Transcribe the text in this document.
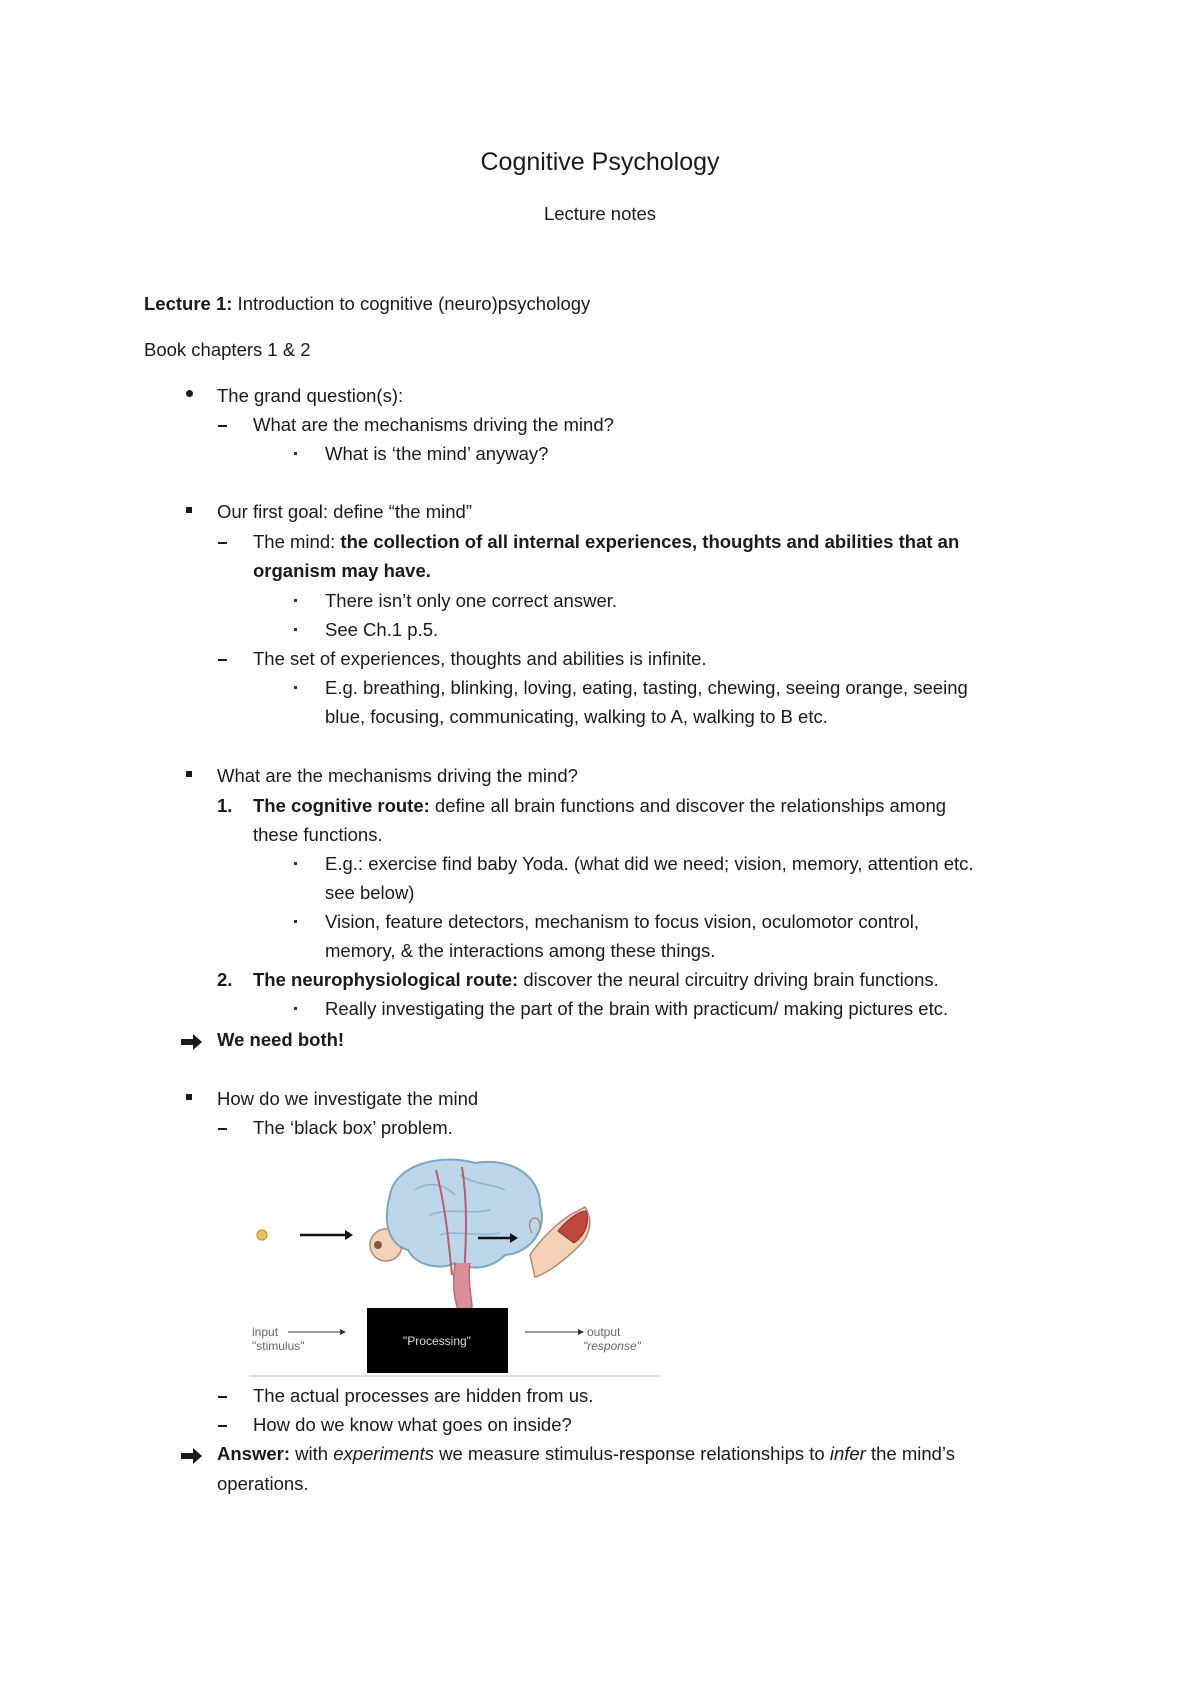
Cognitive Psychology
Lecture notes
Lecture 1: Introduction to cognitive (neuro)psychology
Book chapters 1 & 2
The grand question(s):
What are the mechanisms driving the mind?
What is ‘the mind’ anyway?
Our first goal: define “the mind”
The mind: the collection of all internal experiences, thoughts and abilities that an
organism may have.
There isn’t only one correct answer.
See Ch.1 p.5.
The set of experiences, thoughts and abilities is infinite.
E.g. breathing, blinking, loving, eating, tasting, chewing, seeing orange, seeing
blue, focusing, communicating, walking to A, walking to B etc.
What are the mechanisms driving the mind?
1. The cognitive route: define all brain functions and discover the relationships among
these functions.
E.g.: exercise find baby Yoda. (what did we need; vision, memory, attention etc.
see below)
Vision, feature detectors, mechanism to focus vision, oculomotor control,
memory, & the interactions among these things.
2. The neurophysiological route: discover the neural circuitry driving brain functions.
Really investigating the part of the brain with practicum/ making pictures etc.
We need both!
How do we investigate the mind
The ‘black box’ problem.
input
"stimulus"	"Processing"
output
"response"
The actual processes are hidden from us.
How do we know what goes on inside?
Answer: with experiments we measure stimulus-response relationships to infer the mind’s
operations.
